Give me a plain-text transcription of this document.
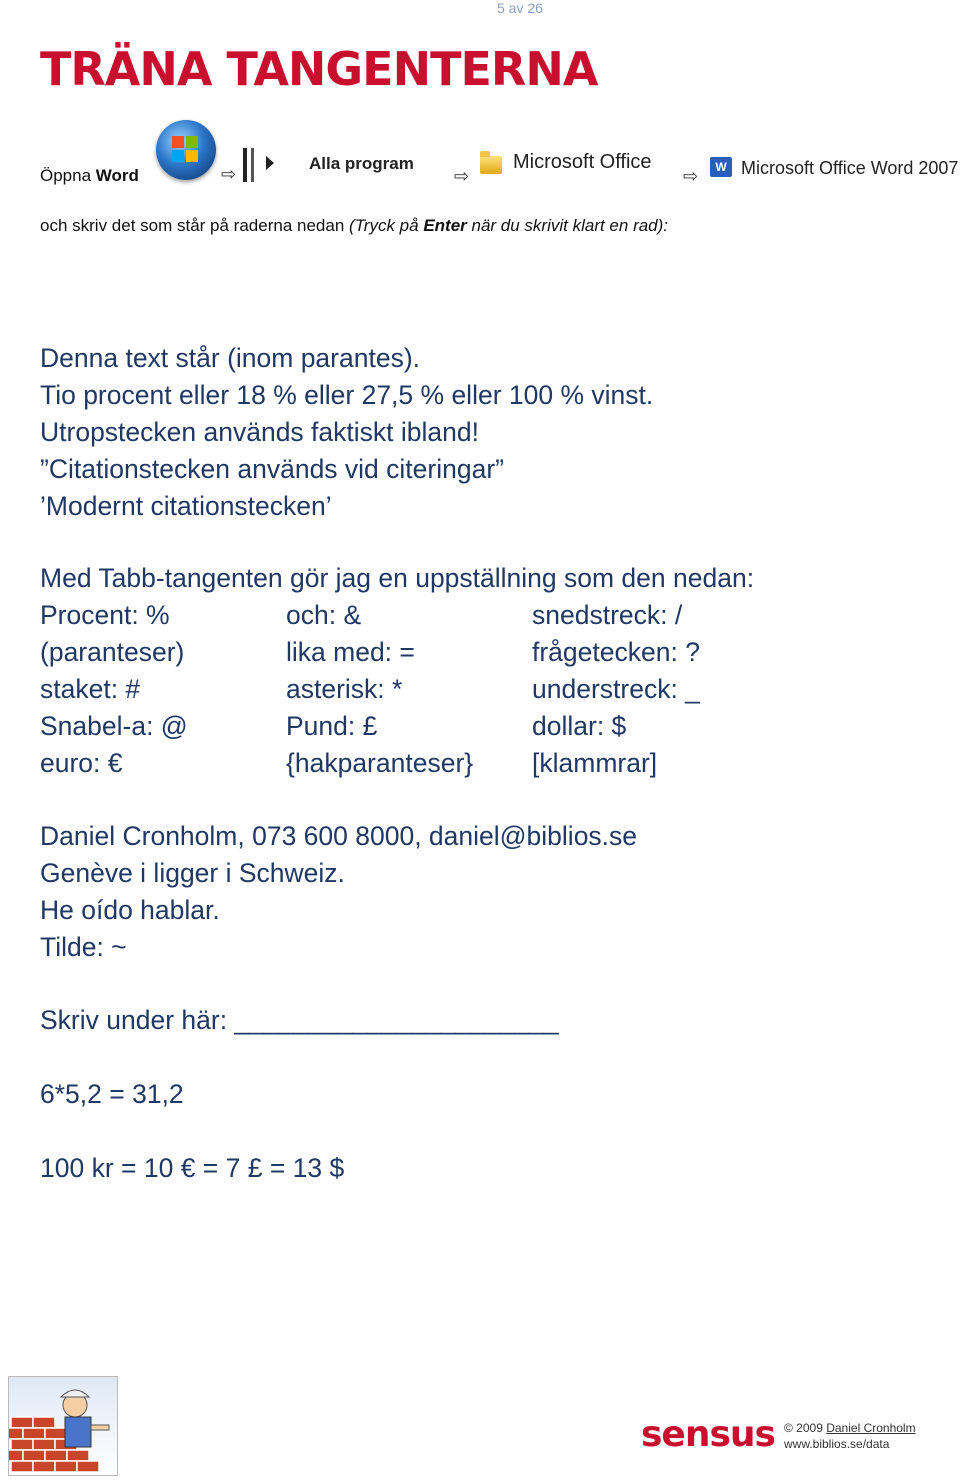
5 av 26
TRÄNA TANGENTERNA
Öppna Word	⇨
Alla program
⇨
Microsoft Office
⇨	W Microsoft Office Word 2007
och skriv det som står på raderna nedan (Tryck på Enter när du skrivit klart en rad):
Denna text står (inom parantes).
Tio procent eller 18 % eller 27,5 % eller 100 % vinst.
Utropstecken används faktiskt ibland!
”Citationstecken används vid citeringar”
’Modernt citationstecken’
Med Tabb-tangenten gör jag en uppställning som den nedan:
Procent: %	och: &	snedstreck: /
(paranteser)	lika med: =	frågetecken: ?
staket: #	asterisk: *	understreck: _
Snabel-a: @	Pund: £	dollar: $
euro: €	{hakparanteser}	[klammrar]
Daniel Cronholm, 073 600 8000, daniel@biblios.se
Genève i ligger i Schweiz.
He oído hablar.
Tilde: ~
Skriv under här: ______________________
6*5,2 = 31,2
100 kr = 10 € = 7 £ = 13 $
sensus © 2009 Daniel Cronholm
www.biblios.se/data
